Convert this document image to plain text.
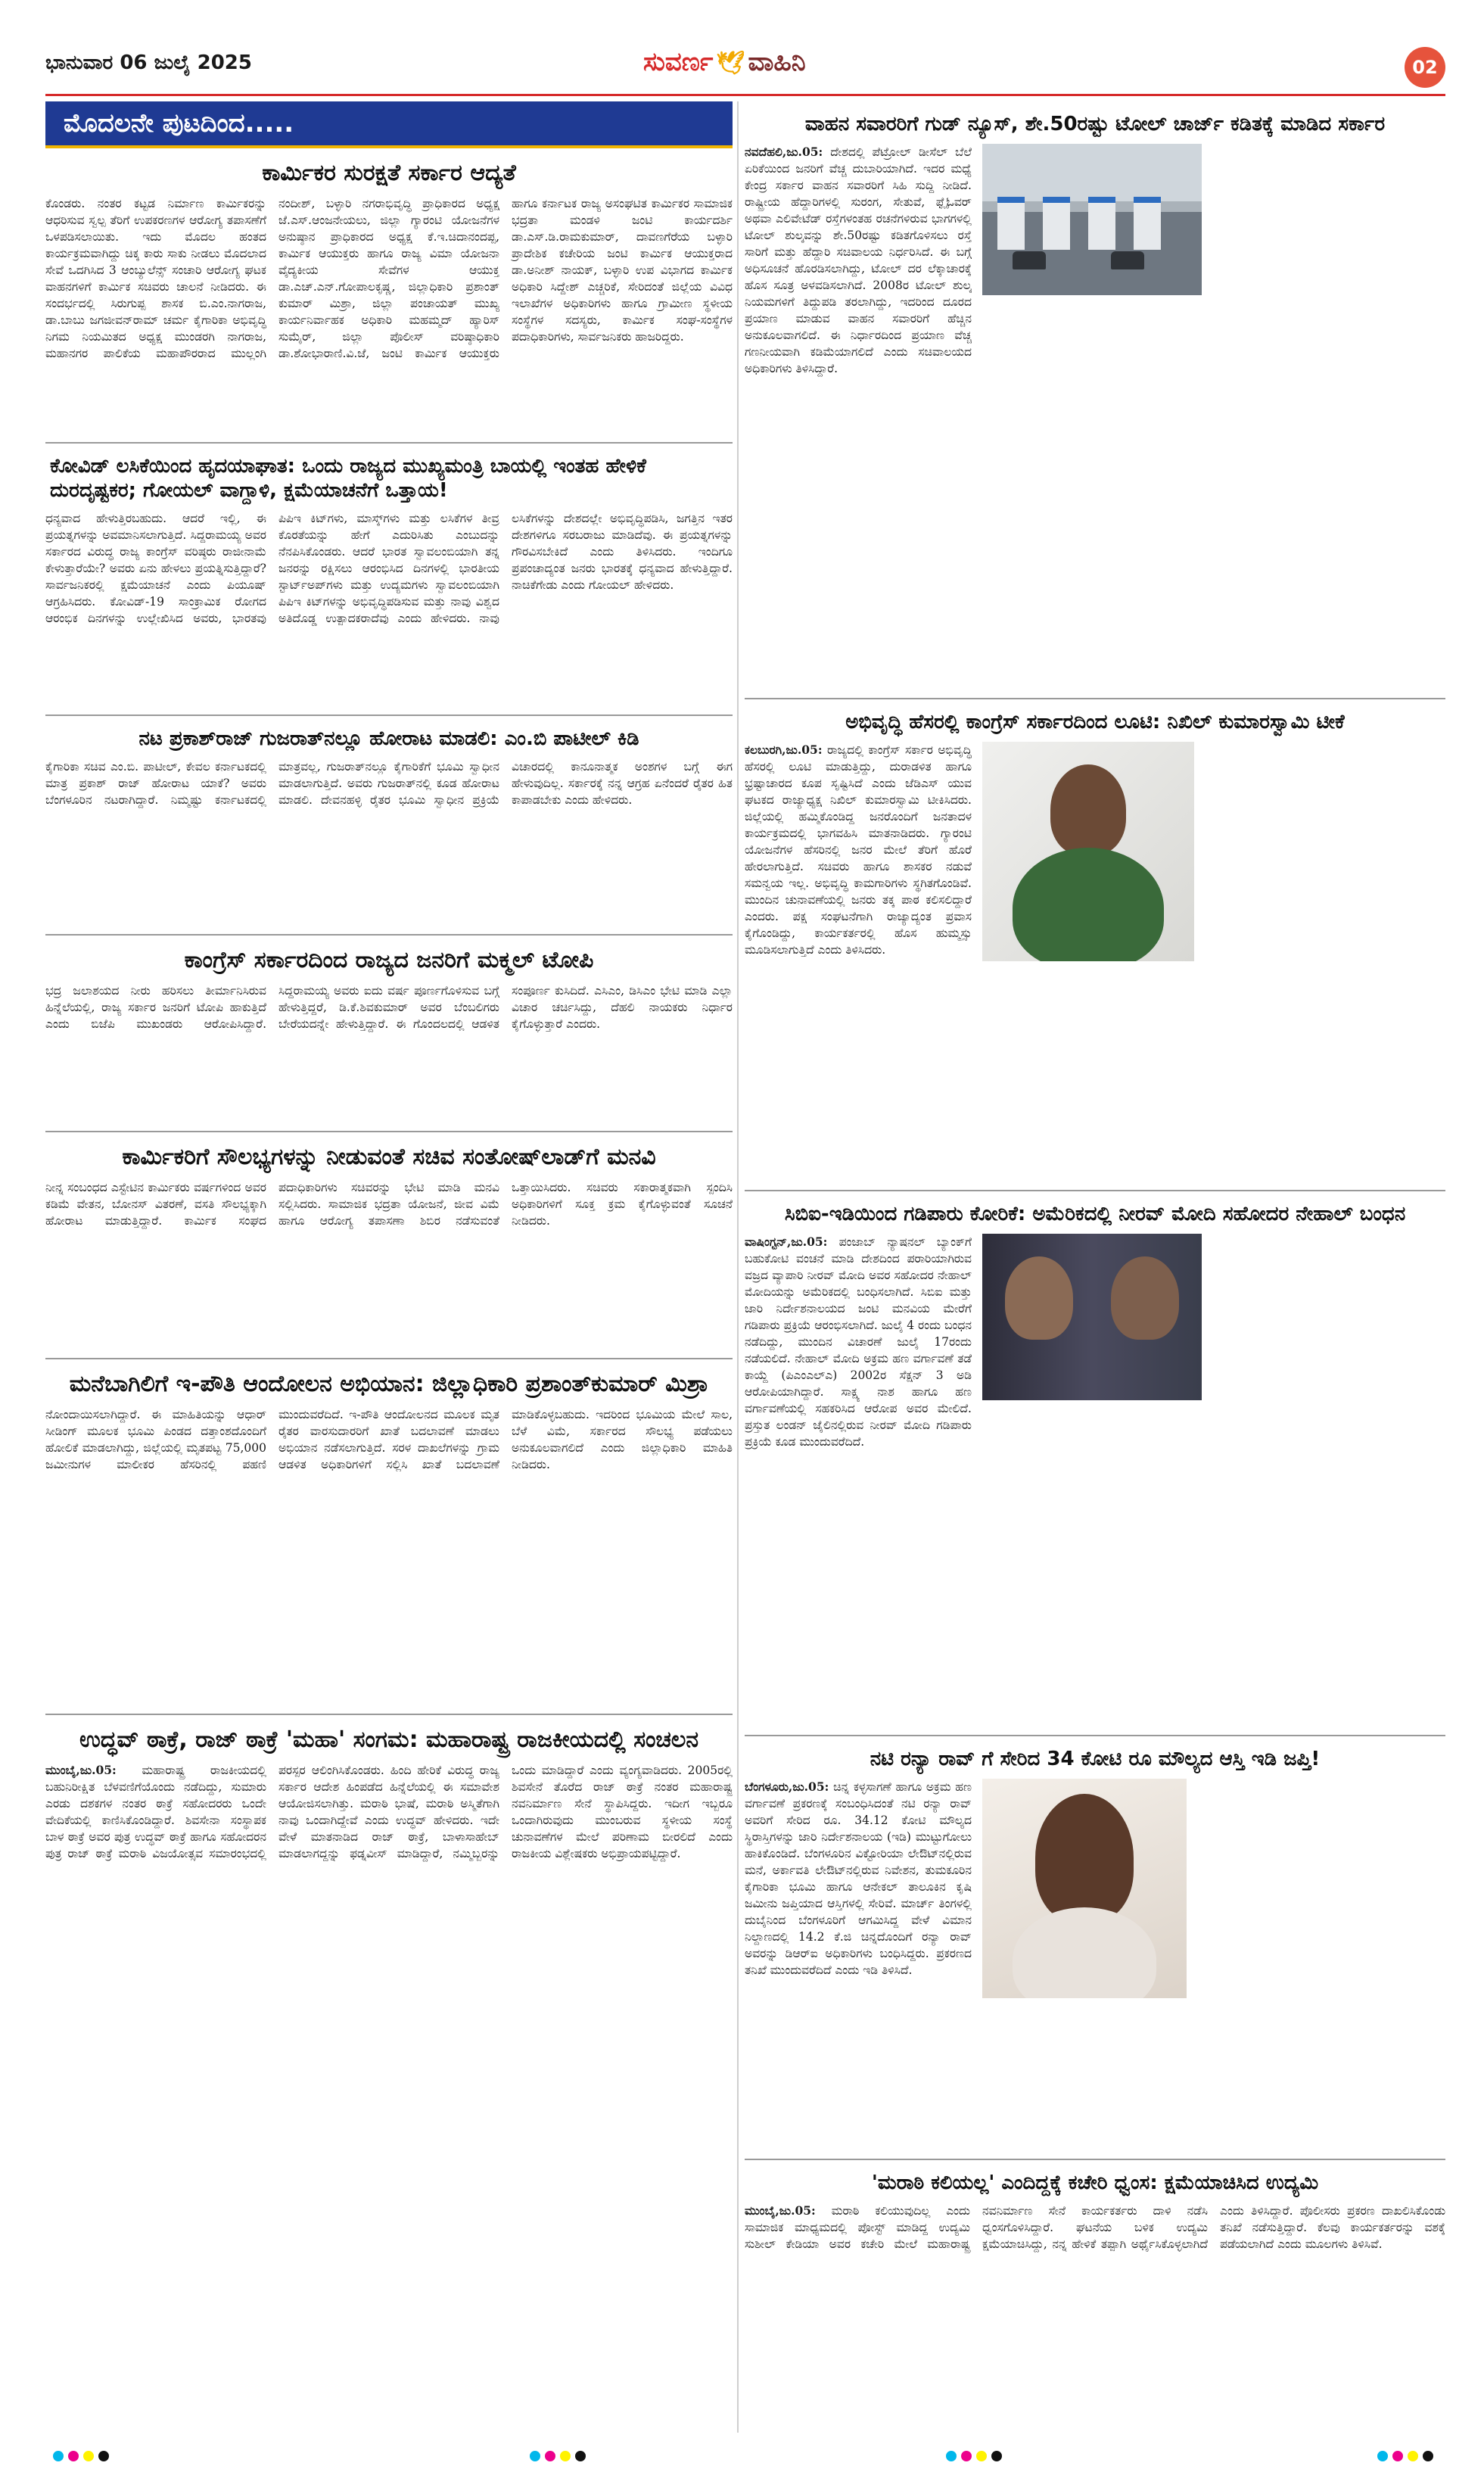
ಭಾನುವಾರ 06 ಜುಲೈ 2025	ಸುವರ್ಣ 🕊 ವಾಹಿನಿ	02
ಮೊದಲನೇ ಪುಟದಿಂದ.....
ಕಾರ್ಮಿಕರ ಸುರಕ್ಷತೆ ಸರ್ಕಾರ ಆದ್ಯತೆ
ಕೊಂಡರು. ನಂತರ ಕಟ್ಟಡ ನಿರ್ಮಾಣ ಕಾರ್ಮಿಕರನ್ನು ಆಧರಿಸುವ ಸ್ವಲ್ಪ ತೆರಿಗೆ ಉಪಕರಣಗಳ ಆರೋಗ್ಯ ತಪಾಸಣೆಗೆ ಒಳಪಡಿಸಲಾಯಿತು. ಇದು ಮೊದಲ ಹಂತದ ಕಾರ್ಯಕ್ರಮವಾಗಿದ್ದು ಚಿಕ್ಕ ಕಾರು ಸಾಕು ನೀಡಲು ಮೊದಲಾದ ಸೇವೆ ಒದಗಿಸಿದ 3 ಆಂಬ್ಯುಲೆನ್ಸ್ ಸಂಚಾರಿ ಆರೋಗ್ಯ ಘಟಕ ವಾಹನಗಳಿಗೆ ಕಾರ್ಮಿಕ ಸಚಿವರು ಚಾಲನೆ ನೀಡಿದರು. ಈ ಸಂದರ್ಭದಲ್ಲಿ ಸಿರುಗುಪ್ಪ ಶಾಸಕ ಬಿ.ಎಂ.ನಾಗರಾಜ, ಡಾ.ಬಾಬು ಜಗಜೀವನ್‌ರಾಮ್ ಚರ್ಮ ಕೈಗಾರಿಕಾ ಅಭಿವೃದ್ಧಿ ನಿಗಮ ನಿಯಮಿತದ ಅಧ್ಯಕ್ಷ ಮುಂಡರಗಿ ನಾಗರಾಜ, ಮಹಾನಗರ ಪಾಲಿಕೆಯ ಮಹಾಪೌರರಾದ ಮುಲ್ಲಂಗಿ ನಂದೀಶ್, ಬಳ್ಳಾರಿ ನಗರಾಭಿವೃದ್ಧಿ ಪ್ರಾಧಿಕಾರದ ಅಧ್ಯಕ್ಷ ಜೆ.ಎಸ್.ಆಂಜನೇಯಲು, ಜಿಲ್ಲಾ ಗ್ಯಾರಂಟಿ ಯೋಜನೆಗಳ ಅನುಷ್ಠಾನ ಪ್ರಾಧಿಕಾರದ ಅಧ್ಯಕ್ಷ ಕೆ.ಇ.ಚಿದಾನಂದಪ್ಪ, ಕಾರ್ಮಿಕ ಆಯುಕ್ತರು ಹಾಗೂ ರಾಜ್ಯ ವಿಮಾ ಯೋಜನಾ ವೈದ್ಯಕೀಯ ಸೇವೆಗಳ ಆಯುಕ್ತ ಡಾ.ಎಚ್.ಎನ್.ಗೋಪಾಲಕೃಷ್ಣ, ಜಿಲ್ಲಾಧಿಕಾರಿ ಪ್ರಶಾಂತ್ ಕುಮಾರ್ ಮಿಶ್ರಾ, ಜಿಲ್ಲಾ ಪಂಚಾಯತ್ ಮುಖ್ಯ ಕಾರ್ಯನಿರ್ವಾಹಕ ಅಧಿಕಾರಿ ಮಹಮ್ಮದ್ ಹ್ಯಾರಿಸ್ ಸುಮೈರ್, ಜಿಲ್ಲಾ ಪೊಲೀಸ್ ವರಿಷ್ಠಾಧಿಕಾರಿ ಡಾ.ಶೋಭಾರಾಣಿ.ವಿ.ಜೆ, ಜಂಟಿ ಕಾರ್ಮಿಕ ಆಯುಕ್ತರು ಹಾಗೂ ಕರ್ನಾಟಕ ರಾಜ್ಯ ಅಸಂಘಟಿತ ಕಾರ್ಮಿಕರ ಸಾಮಾಜಿಕ ಭದ್ರತಾ ಮಂಡಳಿ ಜಂಟಿ ಕಾರ್ಯದರ್ಶಿ ಡಾ.ಎಸ್.ಡಿ.ರಾಮಕುಮಾರ್, ದಾವಣಗೆರೆಯ ಬಳ್ಳಾರಿ ಪ್ರಾದೇಶಿಕ ಕಚೇರಿಯ ಜಂಟಿ ಕಾರ್ಮಿಕ ಆಯುಕ್ತರಾದ ಡಾ.ಅನೀಶ್ ನಾಯಕ್, ಬಳ್ಳಾರಿ ಉಪ ವಿಭಾಗದ ಕಾರ್ಮಿಕ ಅಧಿಕಾರಿ ಸಿದ್ದೇಶ್ ಎಚ್ಚರಿಕೆ, ಸೇರಿದಂತೆ ಜಿಲ್ಲೆಯ ವಿವಿಧ ಇಲಾಖೆಗಳ ಅಧಿಕಾರಿಗಳು ಹಾಗೂ ಗ್ರಾಮೀಣ ಸ್ಥಳೀಯ ಸಂಸ್ಥೆಗಳ ಸದಸ್ಯರು, ಕಾರ್ಮಿಕ ಸಂಘ-ಸಂಸ್ಥೆಗಳ ಪದಾಧಿಕಾರಿಗಳು, ಸಾರ್ವಜನಿಕರು ಹಾಜರಿದ್ದರು.
ಕೋವಿಡ್ ಲಸಿಕೆಯಿಂದ ಹೃದಯಾಘಾತ: ಒಂದು ರಾಜ್ಯದ ಮುಖ್ಯಮಂತ್ರಿ ಬಾಯಲ್ಲಿ ಇಂತಹ ಹೇಳಿಕೆ ದುರದೃಷ್ಟಕರ; ಗೋಯಲ್ ವಾಗ್ದಾಳಿ, ಕ್ಷಮೆಯಾಚನೆಗೆ ಒತ್ತಾಯ!
ಧನ್ಯವಾದ ಹೇಳುತ್ತಿರಬಹುದು. ಆದರೆ ಇಲ್ಲಿ, ಈ ಪ್ರಯತ್ನಗಳನ್ನು ಅವಮಾನಿಸಲಾಗುತ್ತಿದೆ. ಸಿದ್ದರಾಮಯ್ಯ ಅವರ ಸರ್ಕಾರದ ವಿರುದ್ಧ ರಾಜ್ಯ ಕಾಂಗ್ರೆಸ್ ವರಿಷ್ಠರು ರಾಜೀನಾಮೆ ಕೇಳುತ್ತಾರೆಯೇ? ಅವರು ಏನು ಹೇಳಲು ಪ್ರಯತ್ನಿಸುತ್ತಿದ್ದಾರೆ? ಸಾರ್ವಜನಿಕರಲ್ಲಿ ಕ್ಷಮೆಯಾಚನೆ ಎಂದು ಪಿಯೂಷ್ ಆಗ್ರಹಿಸಿದರು. ಕೋವಿಡ್-19 ಸಾಂಕ್ರಾಮಿಕ ರೋಗದ ಆರಂಭಿಕ ದಿನಗಳನ್ನು ಉಲ್ಲೇಖಿಸಿದ ಅವರು, ಭಾರತವು ಪಿಪಿಇ ಕಿಟ್‌ಗಳು, ಮಾಸ್ಕ್‌ಗಳು ಮತ್ತು ಲಸಿಕೆಗಳ ತೀವ್ರ ಕೊರತೆಯನ್ನು ಹೇಗೆ ಎದುರಿಸಿತು ಎಂಬುದನ್ನು ನೆನಪಿಸಿಕೊಂಡರು. ಆದರೆ ಭಾರತ ಸ್ವಾವಲಂಬಿಯಾಗಿ ತನ್ನ ಜನರನ್ನು ರಕ್ಷಿಸಲು ಆರಂಭಿಸಿದ ದಿನಗಳಲ್ಲಿ ಭಾರತೀಯ ಸ್ಟಾರ್ಟ್‌ಅಪ್‌ಗಳು ಮತ್ತು ಉದ್ಯಮಗಳು ಸ್ವಾವಲಂಬಿಯಾಗಿ ಪಿಪಿಇ ಕಿಟ್‌ಗಳನ್ನು ಅಭಿವೃದ್ಧಿಪಡಿಸುವ ಮತ್ತು ನಾವು ವಿಶ್ವದ ಅತಿದೊಡ್ಡ ಉತ್ಪಾದಕರಾದೆವು ಎಂದು ಹೇಳಿದರು. ನಾವು ಲಸಿಕೆಗಳನ್ನು ದೇಶದಲ್ಲೇ ಅಭಿವೃದ್ಧಿಪಡಿಸಿ, ಜಗತ್ತಿನ ಇತರ ದೇಶಗಳಿಗೂ ಸರಬರಾಜು ಮಾಡಿದೆವು. ಈ ಪ್ರಯತ್ನಗಳನ್ನು ಗೌರವಿಸಬೇಕಿದೆ ಎಂದು ತಿಳಿಸಿದರು. ಇಂದಿಗೂ ಪ್ರಪಂಚಾದ್ಯಂತ ಜನರು ಭಾರತಕ್ಕೆ ಧನ್ಯವಾದ ಹೇಳುತ್ತಿದ್ದಾರೆ. ನಾಚಿಕೆಗೇಡು ಎಂದು ಗೋಯಲ್ ಹೇಳಿದರು.
ನಟ ಪ್ರಕಾಶ್‌ರಾಜ್ ಗುಜರಾತ್‌ನಲ್ಲೂ ಹೋರಾಟ ಮಾಡಲಿ: ಎಂ.ಬಿ ಪಾಟೀಲ್ ಕಿಡಿ
ಕೈಗಾರಿಕಾ ಸಚಿವ ಎಂ.ಬಿ. ಪಾಟೀಲ್, ಕೇವಲ ಕರ್ನಾಟಕದಲ್ಲಿ ಮಾತ್ರ ಪ್ರಕಾಶ್ ರಾಜ್ ಹೋರಾಟ ಯಾಕೆ? ಅವರು ಬೆಂಗಳೂರಿನ ನಟರಾಗಿದ್ದಾರೆ. ನಿಮ್ಮಷ್ಟು ಕರ್ನಾಟಕದಲ್ಲಿ ಮಾತ್ರವಲ್ಲ, ಗುಜರಾತ್‌ನಲ್ಲೂ ಕೈಗಾರಿಕೆಗೆ ಭೂಮಿ ಸ್ವಾಧೀನ ಮಾಡಲಾಗುತ್ತಿದೆ. ಅವರು ಗುಜರಾತ್‌ನಲ್ಲಿ ಕೂಡ ಹೋರಾಟ ಮಾಡಲಿ. ದೇವನಹಳ್ಳಿ ರೈತರ ಭೂಮಿ ಸ್ವಾಧೀನ ಪ್ರಕ್ರಿಯೆ ವಿಚಾರದಲ್ಲಿ ಕಾನೂನಾತ್ಮಕ ಅಂಶಗಳ ಬಗ್ಗೆ ಈಗ ಹೇಳುವುದಿಲ್ಲ. ಸರ್ಕಾರಕ್ಕೆ ನನ್ನ ಆಗ್ರಹ ಏನೆಂದರೆ ರೈತರ ಹಿತ ಕಾಪಾಡಬೇಕು ಎಂದು ಹೇಳಿದರು.
ಕಾಂಗ್ರೆಸ್ ಸರ್ಕಾರದಿಂದ ರಾಜ್ಯದ ಜನರಿಗೆ ಮಕ್ಮಲ್ ಟೋಪಿ
ಭದ್ರ ಜಲಾಶಯದ ನೀರು ಹರಿಸಲು ತೀರ್ಮಾನಿಸಿರುವ ಹಿನ್ನೆಲೆಯಲ್ಲಿ, ರಾಜ್ಯ ಸರ್ಕಾರ ಜನರಿಗೆ ಟೋಪಿ ಹಾಕುತ್ತಿದೆ ಎಂದು ಬಿಜೆಪಿ ಮುಖಂಡರು ಆರೋಪಿಸಿದ್ದಾರೆ. ಸಿದ್ದರಾಮಯ್ಯ ಅವರು ಐದು ವರ್ಷ ಪೂರ್ಣಗೊಳಿಸುವ ಬಗ್ಗೆ ಹೇಳುತ್ತಿದ್ದರೆ, ಡಿ.ಕೆ.ಶಿವಕುಮಾರ್ ಅವರ ಬೆಂಬಲಿಗರು ಬೇರೆಯದನ್ನೇ ಹೇಳುತ್ತಿದ್ದಾರೆ. ಈ ಗೊಂದಲದಲ್ಲಿ ಆಡಳಿತ ಸಂಪೂರ್ಣ ಕುಸಿದಿದೆ. ಎಸಿಎಂ, ಡಿಸಿಎಂ ಭೇಟಿ ಮಾಡಿ ಎಲ್ಲಾ ವಿಚಾರ ಚರ್ಚಿಸಿದ್ದು, ದೆಹಲಿ ನಾಯಕರು ನಿರ್ಧಾರ ಕೈಗೊಳ್ಳುತ್ತಾರೆ ಎಂದರು.
ಕಾರ್ಮಿಕರಿಗೆ ಸೌಲಭ್ಯಗಳನ್ನು ನೀಡುವಂತೆ ಸಚಿವ ಸಂತೋಷ್‌ಲಾಡ್‌ಗೆ ಮನವಿ
ನೀನ್ನ ಸಂಬಂಧದ ಎಸ್ಟೇಟಿನ ಕಾರ್ಮಿಕರು ವರ್ಷಗಳಿಂದ ಅವರ ಕಡಿಮೆ ವೇತನ, ಬೋನಸ್ ವಿತರಣೆ, ವಸತಿ ಸೌಲಭ್ಯಕ್ಕಾಗಿ ಹೋರಾಟ ಮಾಡುತ್ತಿದ್ದಾರೆ. ಕಾರ್ಮಿಕ ಸಂಘದ ಪದಾಧಿಕಾರಿಗಳು ಸಚಿವರನ್ನು ಭೇಟಿ ಮಾಡಿ ಮನವಿ ಸಲ್ಲಿಸಿದರು. ಸಾಮಾಜಿಕ ಭದ್ರತಾ ಯೋಜನೆ, ಜೀವ ವಿಮೆ ಹಾಗೂ ಆರೋಗ್ಯ ತಪಾಸಣಾ ಶಿಬಿರ ನಡೆಸುವಂತೆ ಒತ್ತಾಯಿಸಿದರು. ಸಚಿವರು ಸಕಾರಾತ್ಮಕವಾಗಿ ಸ್ಪಂದಿಸಿ ಅಧಿಕಾರಿಗಳಿಗೆ ಸೂಕ್ತ ಕ್ರಮ ಕೈಗೊಳ್ಳುವಂತೆ ಸೂಚನೆ ನೀಡಿದರು.
ಮನೆಬಾಗಿಲಿಗೆ ಇ-ಪೌತಿ ಆಂದೋಲನ ಅಭಿಯಾನ: ಜಿಲ್ಲಾಧಿಕಾರಿ ಪ್ರಶಾಂತ್‌ಕುಮಾರ್ ಮಿಶ್ರಾ
ನೋಂದಾಯಿಸಲಾಗಿದ್ದಾರೆ. ಈ ಮಾಹಿತಿಯನ್ನು ಆಧಾರ್ ಸೀಡಿಂಗ್ ಮೂಲಕ ಭೂಮಿ ಪಿಂಡದ ದತ್ತಾಂಶದೊಂದಿಗೆ ಹೋಲಿಕೆ ಮಾಡಲಾಗಿದ್ದು, ಜಿಲ್ಲೆಯಲ್ಲಿ ಮೃತಪಟ್ಟ 75,000 ಜಮೀನುಗಳ ಮಾಲೀಕರ ಹೆಸರಿನಲ್ಲಿ ಪಹಣಿ ಮುಂದುವರೆದಿದೆ. ಇ-ಪೌತಿ ಆಂದೋಲನದ ಮೂಲಕ ಮೃತ ರೈತರ ವಾರಸುದಾರರಿಗೆ ಖಾತೆ ಬದಲಾವಣೆ ಮಾಡಲು ಅಭಿಯಾನ ನಡೆಸಲಾಗುತ್ತಿದೆ. ಸರಳ ದಾಖಲೆಗಳನ್ನು ಗ್ರಾಮ ಆಡಳಿತ ಅಧಿಕಾರಿಗಳಿಗೆ ಸಲ್ಲಿಸಿ ಖಾತೆ ಬದಲಾವಣೆ ಮಾಡಿಕೊಳ್ಳಬಹುದು. ಇದರಿಂದ ಭೂಮಿಯ ಮೇಲೆ ಸಾಲ, ಬೆಳೆ ವಿಮೆ, ಸರ್ಕಾರದ ಸೌಲಭ್ಯ ಪಡೆಯಲು ಅನುಕೂಲವಾಗಲಿದೆ ಎಂದು ಜಿಲ್ಲಾಧಿಕಾರಿ ಮಾಹಿತಿ ನೀಡಿದರು.
ಉದ್ಧವ್ ಠಾಕ್ರೆ, ರಾಜ್ ಠಾಕ್ರೆ 'ಮಹಾ' ಸಂಗಮ: ಮಹಾರಾಷ್ಟ್ರ ರಾಜಕೀಯದಲ್ಲಿ ಸಂಚಲನ
ಮುಂಬೈ,ಜು.05: ಮಹಾರಾಷ್ಟ್ರ ರಾಜಕೀಯದಲ್ಲಿ ಬಹುನಿರೀಕ್ಷಿತ ಬೆಳವಣಿಗೆಯೊಂದು ನಡೆದಿದ್ದು, ಸುಮಾರು ಎರಡು ದಶಕಗಳ ನಂತರ ಠಾಕ್ರೆ ಸಹೋದರರು ಒಂದೇ ವೇದಿಕೆಯಲ್ಲಿ ಕಾಣಿಸಿಕೊಂಡಿದ್ದಾರೆ. ಶಿವಸೇನಾ ಸಂಸ್ಥಾಪಕ ಬಾಳ ಠಾಕ್ರೆ ಅವರ ಪುತ್ರ ಉದ್ಧವ್ ಠಾಕ್ರೆ ಹಾಗೂ ಸಹೋದರನ ಪುತ್ರ ರಾಜ್ ಠಾಕ್ರೆ ಮರಾಠಿ ವಿಜಯೋತ್ಸವ ಸಮಾರಂಭದಲ್ಲಿ ಪರಸ್ಪರ ಆಲಿಂಗಿಸಿಕೊಂಡರು. ಹಿಂದಿ ಹೇರಿಕೆ ವಿರುದ್ಧ ರಾಜ್ಯ ಸರ್ಕಾರ ಆದೇಶ ಹಿಂಪಡೆದ ಹಿನ್ನೆಲೆಯಲ್ಲಿ ಈ ಸಮಾವೇಶ ಆಯೋಜಿಸಲಾಗಿತ್ತು. ಮರಾಠಿ ಭಾಷೆ, ಮರಾಠಿ ಅಸ್ಮಿತೆಗಾಗಿ ನಾವು ಒಂದಾಗಿದ್ದೇವೆ ಎಂದು ಉದ್ಧವ್ ಹೇಳಿದರು. ಇದೇ ವೇಳೆ ಮಾತನಾಡಿದ ರಾಜ್ ಠಾಕ್ರೆ, ಬಾಳಾಸಾಹೇಬ್ ಮಾಡಲಾಗದ್ದನ್ನು ಫಡ್ನವೀಸ್ ಮಾಡಿದ್ದಾರೆ, ನಮ್ಮಿಬ್ಬರನ್ನು ಒಂದು ಮಾಡಿದ್ದಾರೆ ಎಂದು ವ್ಯಂಗ್ಯವಾಡಿದರು. 2005ರಲ್ಲಿ ಶಿವಸೇನೆ ತೊರೆದ ರಾಜ್ ಠಾಕ್ರೆ ನಂತರ ಮಹಾರಾಷ್ಟ್ರ ನವನಿರ್ಮಾಣ ಸೇನೆ ಸ್ಥಾಪಿಸಿದ್ದರು. ಇದೀಗ ಇಬ್ಬರೂ ಒಂದಾಗಿರುವುದು ಮುಂಬರುವ ಸ್ಥಳೀಯ ಸಂಸ್ಥೆ ಚುನಾವಣೆಗಳ ಮೇಲೆ ಪರಿಣಾಮ ಬೀರಲಿದೆ ಎಂದು ರಾಜಕೀಯ ವಿಶ್ಲೇಷಕರು ಅಭಿಪ್ರಾಯಪಟ್ಟಿದ್ದಾರೆ.
ವಾಹನ ಸವಾರರಿಗೆ ಗುಡ್ ನ್ಯೂಸ್, ಶೇ.50ರಷ್ಟು ಟೋಲ್ ಚಾರ್ಜ್ ಕಡಿತಕ್ಕೆ ಮಾಡಿದ ಸರ್ಕಾರ
ನವದೆಹಲಿ,ಜು.05: ದೇಶದಲ್ಲಿ ಪೆಟ್ರೋಲ್ ಡೀಸೆಲ್ ಬೆಲೆ ಏರಿಕೆಯಿಂದ ಜನರಿಗೆ ವೆಚ್ಚ ದುಬಾರಿಯಾಗಿದೆ. ಇದರ ಮಧ್ಯೆ ಕೇಂದ್ರ ಸರ್ಕಾರ ವಾಹನ ಸವಾರರಿಗೆ ಸಿಹಿ ಸುದ್ದಿ ನೀಡಿದೆ. ರಾಷ್ಟ್ರೀಯ ಹೆದ್ದಾರಿಗಳಲ್ಲಿ ಸುರಂಗ, ಸೇತುವೆ, ಫ್ಲೈಓವರ್ ಅಥವಾ ಎಲಿವೇಟೆಡ್ ರಸ್ತೆಗಳಂತಹ ರಚನೆಗಳಿರುವ ಭಾಗಗಳಲ್ಲಿ ಟೋಲ್ ಶುಲ್ಕವನ್ನು ಶೇ.50ರಷ್ಟು ಕಡಿತಗೊಳಿಸಲು ರಸ್ತೆ ಸಾರಿಗೆ ಮತ್ತು ಹೆದ್ದಾರಿ ಸಚಿವಾಲಯ ನಿರ್ಧರಿಸಿದೆ. ಈ ಬಗ್ಗೆ ಅಧಿಸೂಚನೆ ಹೊರಡಿಸಲಾಗಿದ್ದು, ಟೋಲ್ ದರ ಲೆಕ್ಕಾಚಾರಕ್ಕೆ ಹೊಸ ಸೂತ್ರ ಅಳವಡಿಸಲಾಗಿದೆ. 2008ರ ಟೋಲ್ ಶುಲ್ಕ ನಿಯಮಗಳಿಗೆ ತಿದ್ದುಪಡಿ ತರಲಾಗಿದ್ದು, ಇದರಿಂದ ದೂರದ ಪ್ರಯಾಣ ಮಾಡುವ ವಾಹನ ಸವಾರರಿಗೆ ಹೆಚ್ಚಿನ ಅನುಕೂಲವಾಗಲಿದೆ. ಈ ನಿರ್ಧಾರದಿಂದ ಪ್ರಯಾಣ ವೆಚ್ಚ ಗಣನೀಯವಾಗಿ ಕಡಿಮೆಯಾಗಲಿದೆ ಎಂದು ಸಚಿವಾಲಯದ ಅಧಿಕಾರಿಗಳು ತಿಳಿಸಿದ್ದಾರೆ.
ಅಭಿವೃದ್ಧಿ ಹೆಸರಲ್ಲಿ ಕಾಂಗ್ರೆಸ್ ಸರ್ಕಾರದಿಂದ ಲೂಟಿ: ನಿಖಿಲ್ ಕುಮಾರಸ್ವಾಮಿ ಟೀಕೆ
ಕಲಬುರಗಿ,ಜು.05: ರಾಜ್ಯದಲ್ಲಿ ಕಾಂಗ್ರೆಸ್ ಸರ್ಕಾರ ಅಭಿವೃದ್ಧಿ ಹೆಸರಲ್ಲಿ ಲೂಟಿ ಮಾಡುತ್ತಿದ್ದು, ದುರಾಡಳಿತ ಹಾಗೂ ಭ್ರಷ್ಟಾಚಾರದ ಕೂಪ ಸೃಷ್ಟಿಸಿದೆ ಎಂದು ಜೆಡಿಎಸ್ ಯುವ ಘಟಕದ ರಾಜ್ಯಾಧ್ಯಕ್ಷ ನಿಖಿಲ್ ಕುಮಾರಸ್ವಾಮಿ ಟೀಕಿಸಿದರು. ಜಿಲ್ಲೆಯಲ್ಲಿ ಹಮ್ಮಿಕೊಂಡಿದ್ದ ಜನರೊಂದಿಗೆ ಜನತಾದಳ ಕಾರ್ಯಕ್ರಮದಲ್ಲಿ ಭಾಗವಹಿಸಿ ಮಾತನಾಡಿದರು. ಗ್ಯಾರಂಟಿ ಯೋಜನೆಗಳ ಹೆಸರಿನಲ್ಲಿ ಜನರ ಮೇಲೆ ತೆರಿಗೆ ಹೊರೆ ಹೇರಲಾಗುತ್ತಿದೆ. ಸಚಿವರು ಹಾಗೂ ಶಾಸಕರ ನಡುವೆ ಸಮನ್ವಯ ಇಲ್ಲ. ಅಭಿವೃದ್ಧಿ ಕಾಮಗಾರಿಗಳು ಸ್ಥಗಿತಗೊಂಡಿವೆ. ಮುಂದಿನ ಚುನಾವಣೆಯಲ್ಲಿ ಜನರು ತಕ್ಕ ಪಾಠ ಕಲಿಸಲಿದ್ದಾರೆ ಎಂದರು. ಪಕ್ಷ ಸಂಘಟನೆಗಾಗಿ ರಾಜ್ಯಾದ್ಯಂತ ಪ್ರವಾಸ ಕೈಗೊಂಡಿದ್ದು, ಕಾರ್ಯಕರ್ತರಲ್ಲಿ ಹೊಸ ಹುಮ್ಮಸ್ಸು ಮೂಡಿಸಲಾಗುತ್ತಿದೆ ಎಂದು ತಿಳಿಸಿದರು.
ಸಿಬಿಐ-ಇಡಿಯಿಂದ ಗಡಿಪಾರು ಕೋರಿಕೆ: ಅಮೆರಿಕದಲ್ಲಿ ನೀರವ್ ಮೋದಿ ಸಹೋದರ ನೇಹಾಲ್ ಬಂಧನ
ವಾಷಿಂಗ್ಟನ್,ಜು.05: ಪಂಜಾಬ್ ನ್ಯಾಷನಲ್ ಬ್ಯಾಂಕ್‌ಗೆ ಬಹುಕೋಟಿ ವಂಚನೆ ಮಾಡಿ ದೇಶದಿಂದ ಪರಾರಿಯಾಗಿರುವ ವಜ್ರದ ವ್ಯಾಪಾರಿ ನೀರವ್ ಮೋದಿ ಅವರ ಸಹೋದರ ನೇಹಾಲ್ ಮೋದಿಯನ್ನು ಅಮೆರಿಕದಲ್ಲಿ ಬಂಧಿಸಲಾಗಿದೆ. ಸಿಬಿಐ ಮತ್ತು ಜಾರಿ ನಿರ್ದೇಶನಾಲಯದ ಜಂಟಿ ಮನವಿಯ ಮೇರೆಗೆ ಗಡಿಪಾರು ಪ್ರಕ್ರಿಯೆ ಆರಂಭಿಸಲಾಗಿದೆ. ಜುಲೈ 4 ರಂದು ಬಂಧನ ನಡೆದಿದ್ದು, ಮುಂದಿನ ವಿಚಾರಣೆ ಜುಲೈ 17ರಂದು ನಡೆಯಲಿದೆ. ನೇಹಾಲ್ ಮೋದಿ ಅಕ್ರಮ ಹಣ ವರ್ಗಾವಣೆ ತಡೆ ಕಾಯ್ದೆ (ಪಿಎಂಎಲ್‌ಎ) 2002ರ ಸೆಕ್ಷನ್ 3 ಅಡಿ ಆರೋಪಿಯಾಗಿದ್ದಾರೆ. ಸಾಕ್ಷ್ಯ ನಾಶ ಹಾಗೂ ಹಣ ವರ್ಗಾವಣೆಯಲ್ಲಿ ಸಹಕರಿಸಿದ ಆರೋಪ ಅವರ ಮೇಲಿದೆ. ಪ್ರಸ್ತುತ ಲಂಡನ್ ಜೈಲಿನಲ್ಲಿರುವ ನೀರವ್ ಮೋದಿ ಗಡಿಪಾರು ಪ್ರಕ್ರಿಯೆ ಕೂಡ ಮುಂದುವರೆದಿದೆ.
ನಟಿ ರನ್ಯಾ ರಾವ್ ಗೆ ಸೇರಿದ 34 ಕೋಟಿ ರೂ ಮೌಲ್ಯದ ಆಸ್ತಿ ಇಡಿ ಜಪ್ತಿ!
ಬೆಂಗಳೂರು,ಜು.05: ಚಿನ್ನ ಕಳ್ಳಸಾಗಣೆ ಹಾಗೂ ಅಕ್ರಮ ಹಣ ವರ್ಗಾವಣೆ ಪ್ರಕರಣಕ್ಕೆ ಸಂಬಂಧಿಸಿದಂತೆ ನಟಿ ರನ್ಯಾ ರಾವ್ ಅವರಿಗೆ ಸೇರಿದ ರೂ. 34.12 ಕೋಟಿ ಮೌಲ್ಯದ ಸ್ಥಿರಾಸ್ತಿಗಳನ್ನು ಜಾರಿ ನಿರ್ದೇಶನಾಲಯ (ಇಡಿ) ಮುಟ್ಟುಗೋಲು ಹಾಕಿಕೊಂಡಿದೆ. ಬೆಂಗಳೂರಿನ ವಿಕ್ಟೋರಿಯಾ ಲೇಔಟ್‌ನಲ್ಲಿರುವ ಮನೆ, ಅರ್ಕಾವತಿ ಲೇಔಟ್‌ನಲ್ಲಿರುವ ನಿವೇಶನ, ತುಮಕೂರಿನ ಕೈಗಾರಿಕಾ ಭೂಮಿ ಹಾಗೂ ಆನೇಕಲ್ ತಾಲೂಕಿನ ಕೃಷಿ ಜಮೀನು ಜಪ್ತಿಯಾದ ಆಸ್ತಿಗಳಲ್ಲಿ ಸೇರಿವೆ. ಮಾರ್ಚ್ ತಿಂಗಳಲ್ಲಿ ದುಬೈನಿಂದ ಬೆಂಗಳೂರಿಗೆ ಆಗಮಿಸಿದ್ದ ವೇಳೆ ವಿಮಾನ ನಿಲ್ದಾಣದಲ್ಲಿ 14.2 ಕೆ.ಜಿ ಚಿನ್ನದೊಂದಿಗೆ ರನ್ಯಾ ರಾವ್ ಅವರನ್ನು ಡಿಆರ್‌ಐ ಅಧಿಕಾರಿಗಳು ಬಂಧಿಸಿದ್ದರು. ಪ್ರಕರಣದ ತನಿಖೆ ಮುಂದುವರೆದಿದೆ ಎಂದು ಇಡಿ ತಿಳಿಸಿದೆ.
'ಮರಾಠಿ ಕಲಿಯಲ್ಲ' ಎಂದಿದ್ದಕ್ಕೆ ಕಚೇರಿ ಧ್ವಂಸ: ಕ್ಷಮೆಯಾಚಿಸಿದ ಉದ್ಯಮಿ
ಮುಂಬೈ,ಜು.05: ಮರಾಠಿ ಕಲಿಯುವುದಿಲ್ಲ ಎಂದು ಸಾಮಾಜಿಕ ಮಾಧ್ಯಮದಲ್ಲಿ ಪೋಸ್ಟ್ ಮಾಡಿದ್ದ ಉದ್ಯಮಿ ಸುಶೀಲ್ ಕೇಡಿಯಾ ಅವರ ಕಚೇರಿ ಮೇಲೆ ಮಹಾರಾಷ್ಟ್ರ ನವನಿರ್ಮಾಣ ಸೇನೆ ಕಾರ್ಯಕರ್ತರು ದಾಳಿ ನಡೆಸಿ ಧ್ವಂಸಗೊಳಿಸಿದ್ದಾರೆ. ಘಟನೆಯ ಬಳಿಕ ಉದ್ಯಮಿ ಕ್ಷಮೆಯಾಚಿಸಿದ್ದು, ನನ್ನ ಹೇಳಿಕೆ ತಪ್ಪಾಗಿ ಅರ್ಥೈಸಿಕೊಳ್ಳಲಾಗಿದೆ ಎಂದು ತಿಳಿಸಿದ್ದಾರೆ. ಪೊಲೀಸರು ಪ್ರಕರಣ ದಾಖಲಿಸಿಕೊಂಡು ತನಿಖೆ ನಡೆಸುತ್ತಿದ್ದಾರೆ. ಕೆಲವು ಕಾರ್ಯಕರ್ತರನ್ನು ವಶಕ್ಕೆ ಪಡೆಯಲಾಗಿದೆ ಎಂದು ಮೂಲಗಳು ತಿಳಿಸಿವೆ.
